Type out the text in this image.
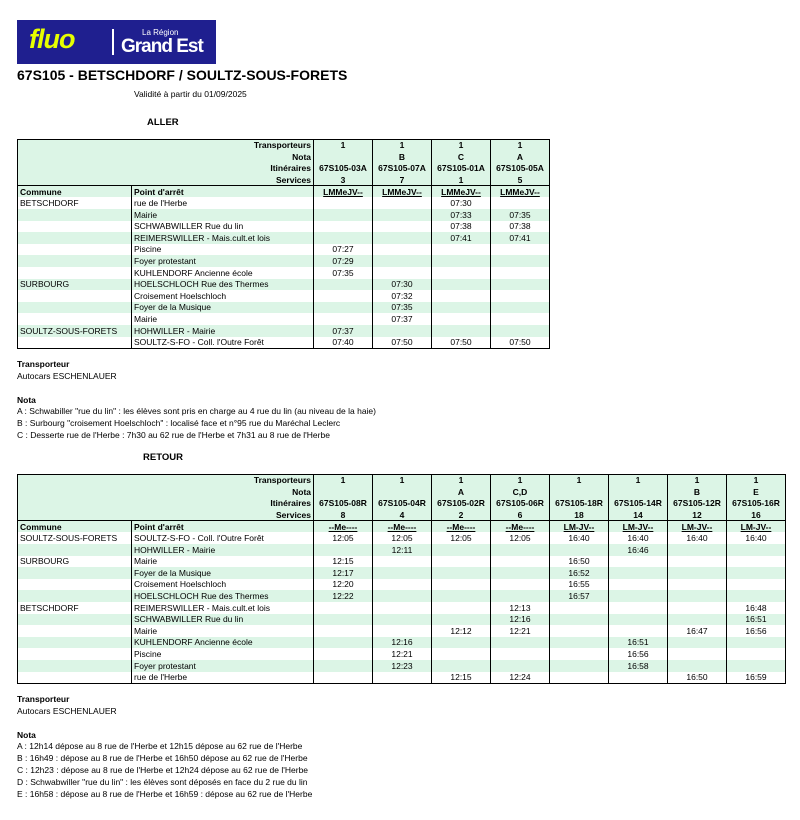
fluo	La Région
Grand Est
67S105 - BETSCHDORF / SOULTZ-SOUS-FORETS
Validité à partir du 01/09/2025
ALLER
Transporteurs		1	1	1	1
Nota			B	C	A
Itinéraires		67S105-03A	67S105-07A	67S105-01A	67S105-05A
Services		3	7	1	5
Commune	Point d'arrêt	LMMeJV--	LMMeJV--	LMMeJV--	LMMeJV--

BETSCHDORF	rue de l'Herbe			07:30	
	Mairie			07:33	07:35
	SCHWABWILLER Rue du lin			07:38	07:38
	REIMERSWILLER - Mais.cult.et lois			07:41	07:41
	Piscine	07:27			
	Foyer protestant	07:29			
	KUHLENDORF Ancienne école	07:35			
SURBOURG	HOELSCHLOCH Rue des Thermes		07:30		
	Croisement Hoelschloch		07:32		
	Foyer de la Musique		07:35		
	Mairie		07:37		
SOULTZ-SOUS-FORETS	HOHWILLER - Mairie	07:37			
	SOULTZ-S-FO - Coll. l'Outre Forêt	07:40	07:50	07:50	07:50
Transporteur
Autocars ESCHENLAUER
Nota
A : Schwabiller "rue du lin" : les élèves sont pris en charge au 4 rue du lin (au niveau de la haie)
B : Surbourg "croisement Hoelschloch" : localisé face et n°95 rue du Maréchal Leclerc
C : Desserte rue de l'Herbe : 7h30 au 62 rue de l'Herbe et 7h31 au 8 rue de l'Herbe
RETOUR
Transporteurs		1	1	1	1	1	1	1	1
Nota				A	C,D			B	E
Itinéraires		67S105-08R	67S105-04R	67S105-02R	67S105-06R	67S105-18R	67S105-14R	67S105-12R	67S105-16R
Services		8	4	2	6	18	14	12	16
Commune	Point d'arrêt	--Me----	--Me----	--Me----	--Me----	LM-JV--	LM-JV--	LM-JV--	LM-JV--

SOULTZ-SOUS-FORETS	SOULTZ-S-FO - Coll. l'Outre Forêt	12:05	12:05	12:05	12:05	16:40	16:40	16:40	16:40
	HOHWILLER - Mairie		12:11				16:46		
SURBOURG	Mairie	12:15				16:50			
	Foyer de la Musique	12:17				16:52			
	Croisement Hoelschloch	12:20				16:55			
	HOELSCHLOCH Rue des Thermes	12:22				16:57			
BETSCHDORF	REIMERSWILLER - Mais.cult.et lois				12:13				16:48
	SCHWABWILLER Rue du lin				12:16				16:51
	Mairie			12:12	12:21			16:47	16:56
	KUHLENDORF Ancienne école		12:16				16:51		
	Piscine		12:21				16:56		
	Foyer protestant		12:23				16:58		
	rue de l'Herbe			12:15	12:24			16:50	16:59
Transporteur
Autocars ESCHENLAUER
Nota
A : 12h14 dépose au 8 rue de l'Herbe et 12h15 dépose au 62 rue de l'Herbe
B : 16h49 : dépose au 8 rue de l'Herbe et 16h50 dépose au 62 rue de l'Herbe
C : 12h23 : dépose au 8 rue de l'Herbe et 12h24 dépose au 62 rue de l'Herbe
D : Schwabwiller "rue du lin" : les élèves sont déposés en face du 2 rue du lin
E : 16h58 : dépose au 8 rue de l'Herbe et 16h59 : dépose au 62 rue de l'Herbe
